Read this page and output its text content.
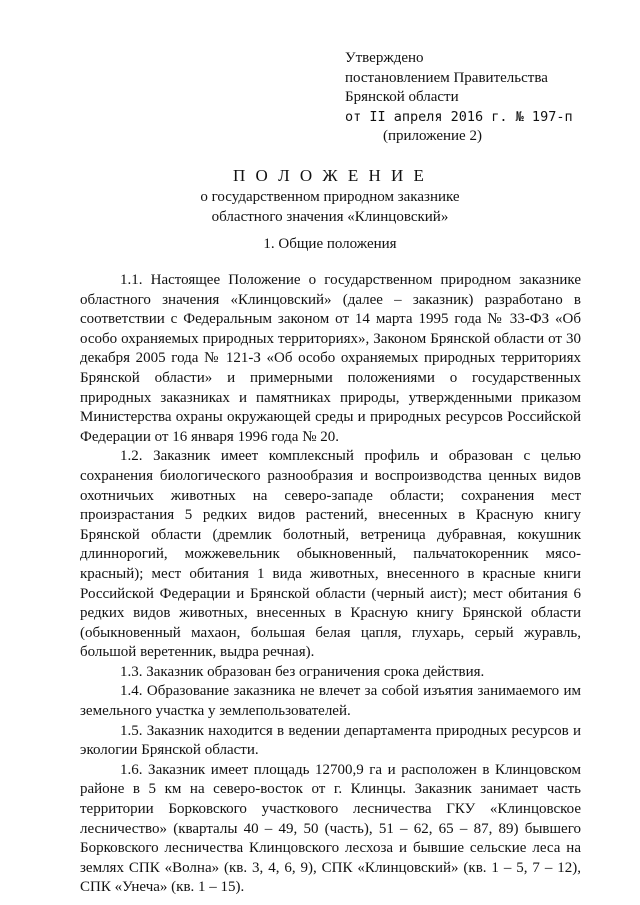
Утверждено
постановлением Правительства
Брянской области
от II апреля 2016 г. № 197-п
(приложение 2)
П О Л О Ж Е Н И Е
о государственном природном заказнике
областного значения «Клинцовский»
1. Общие положения

1.1. Настоящее Положение о государственном природном заказнике областного значения «Клинцовский» (далее – заказник) разработано в соответствии с Федеральным законом от 14 марта 1995 года № 33-ФЗ «Об особо охраняемых природных территориях», Законом Брянской области от 30 декабря 2005 года № 121-З «Об особо охраняемых природных территориях Брянской области» и примерными положениями о государственных природных заказниках и памятниках природы, утвержденными приказом Министерства охраны окружающей среды и природных ресурсов Российской Федерации от 16 января 1996 года № 20.

1.2. Заказник имеет комплексный профиль и образован с целью сохранения биологического разнообразия и воспроизводства ценных видов охотничьих животных на северо-западе области; сохранения мест произрастания 5 редких видов растений, внесенных в Красную книгу Брянской области (дремлик болотный, ветреница дубравная, кокушник длиннорогий, можжевельник обыкновенный, пальчатокоренник мясо-красный); мест обитания 1 вида животных, внесенного в красные книги Российской Федерации и Брянской области (черный аист); мест обитания 6 редких видов животных, внесенных в Красную книгу Брянской области (обыкновенный махаон, большая белая цапля, глухарь, серый журавль, большой веретенник, выдра речная).

1.3. Заказник образован без ограничения срока действия.

1.4. Образование заказника не влечет за собой изъятия занимаемого им земельного участка у землепользователей.

1.5. Заказник находится в ведении департамента природных ресурсов и экологии Брянской области.

1.6. Заказник имеет площадь 12700,9 га и расположен в Клинцовском районе в 5 км на северо-восток от г. Клинцы. Заказник занимает часть территории Борковского участкового лесничества ГКУ «Клинцовское лесничество» (кварталы 40 – 49, 50 (часть), 51 – 62, 65 – 87, 89) бывшего Борковского лесничества Клинцовского лесхоза и бывшие сельские леса на землях СПК «Волна» (кв. 3, 4, 6, 9), СПК «Клинцовский» (кв. 1 – 5, 7 – 12), СПК «Унеча» (кв. 1 – 15).
